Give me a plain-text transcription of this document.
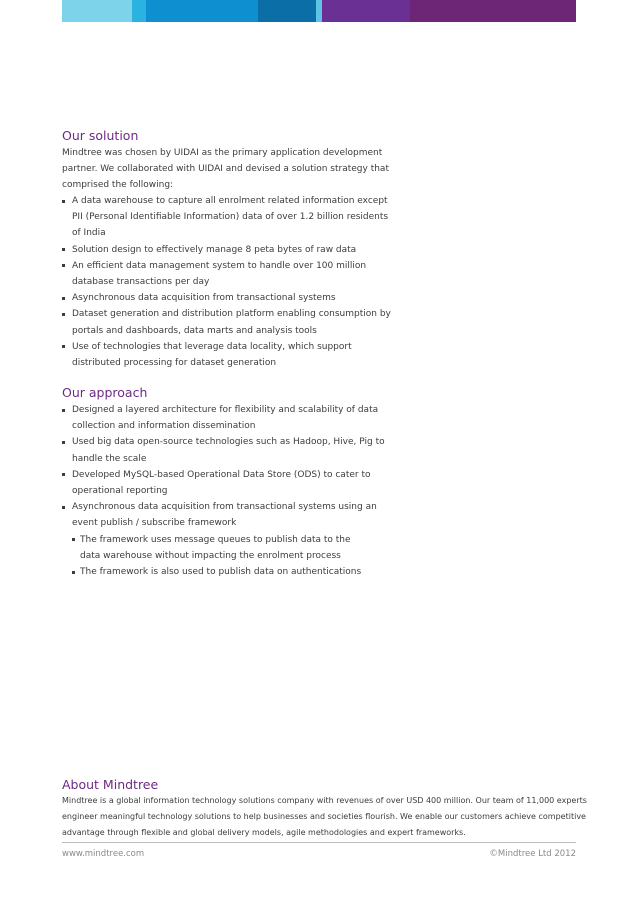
Our solution
Mindtree was chosen by UIDAI as the primary application development
partner. We collaborated with UIDAI and devised a solution strategy that
comprised the following:
A data warehouse to capture all enrolment related information except
PII (Personal Identifiable Information) data of over 1.2 billion residents
of India
Solution design to effectively manage 8 peta bytes of raw data
An efficient data management system to handle over 100 million
database transactions per day
Asynchronous data acquisition from transactional systems
Dataset generation and distribution platform enabling consumption by
portals and dashboards, data marts and analysis tools
Use of technologies that leverage data locality, which support
distributed processing for dataset generation
Our approach
Designed a layered architecture for flexibility and scalability of data
collection and information dissemination
Used big data open-source technologies such as Hadoop, Hive, Pig to
handle the scale
Developed MySQL-based Operational Data Store (ODS) to cater to
operational reporting
Asynchronous data acquisition from transactional systems using an
event publish / subscribe framework
The framework uses message queues to publish data to the
data warehouse without impacting the enrolment process
The framework is also used to publish data on authentications
About Mindtree
Mindtree is a global information technology solutions company with revenues of over USD 400 million. Our team of 11,000 experts
engineer meaningful technology solutions to help businesses and societies flourish. We enable our customers achieve competitive
advantage through flexible and global delivery models, agile methodologies and expert frameworks.
www.mindtree.com	©Mindtree Ltd 2012
